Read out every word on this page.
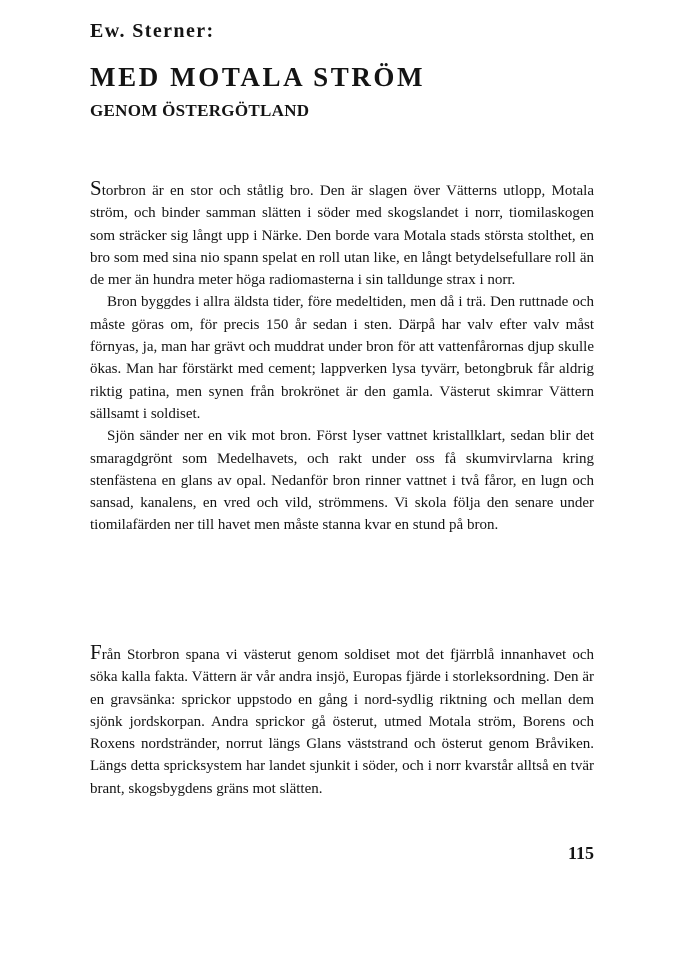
Ew. Sterner:
MED MOTALA STRÖM
GENOM ÖSTERGÖTLAND

Storbron är en stor och ståtlig bro. Den är slagen över Vätterns utlopp, Motala ström, och binder samman slätten i söder med skogslandet i norr, tiomilaskogen som sträcker sig långt upp i Närke. Den borde vara Motala stads största stolthet, en bro som med sina nio spann spelat en roll utan like, en långt betydelsefullare roll än de mer än hundra meter höga radiomasterna i sin talldunge strax i norr.

Bron byggdes i allra äldsta tider, före medeltiden, men då i trä. Den ruttnade och måste göras om, för precis 150 år sedan i sten. Därpå har valv efter valv måst förnyas, ja, man har grävt och muddrat under bron för att vattenfårornas djup skulle ökas. Man har förstärkt med cement; lappverken lysa tyvärr, betongbruk får aldrig riktig patina, men synen från brokrönet är den gamla. Västerut skimrar Vättern sällsamt i soldiset.

Sjön sänder ner en vik mot bron. Först lyser vattnet kristallklart, sedan blir det smaragdgrönt som Medelhavets, och rakt under oss få skumvirvlarna kring stenfästena en glans av opal. Nedanför bron rinner vattnet i två fåror, en lugn och sansad, kanalens, en vred och vild, strömmens. Vi skola följa den senare under tiomilafärden ner till havet men måste stanna kvar en stund på bron.

Från Storbron spana vi västerut genom soldiset mot det fjärrblå innanhavet och söka kalla fakta. Vättern är vår andra insjö, Europas fjärde i storleksordning. Den är en gravsänka: sprickor uppstodo en gång i nord-sydlig riktning och mellan dem sjönk jordskorpan. Andra sprickor gå österut, utmed Motala ström, Borens och Roxens nordstränder, norrut längs Glans väststrand och österut genom Bråviken. Längs detta spricksystem har landet sjunkit i söder, och i norr kvarstår alltså en tvär brant, skogsbygdens gräns mot slätten.

115
